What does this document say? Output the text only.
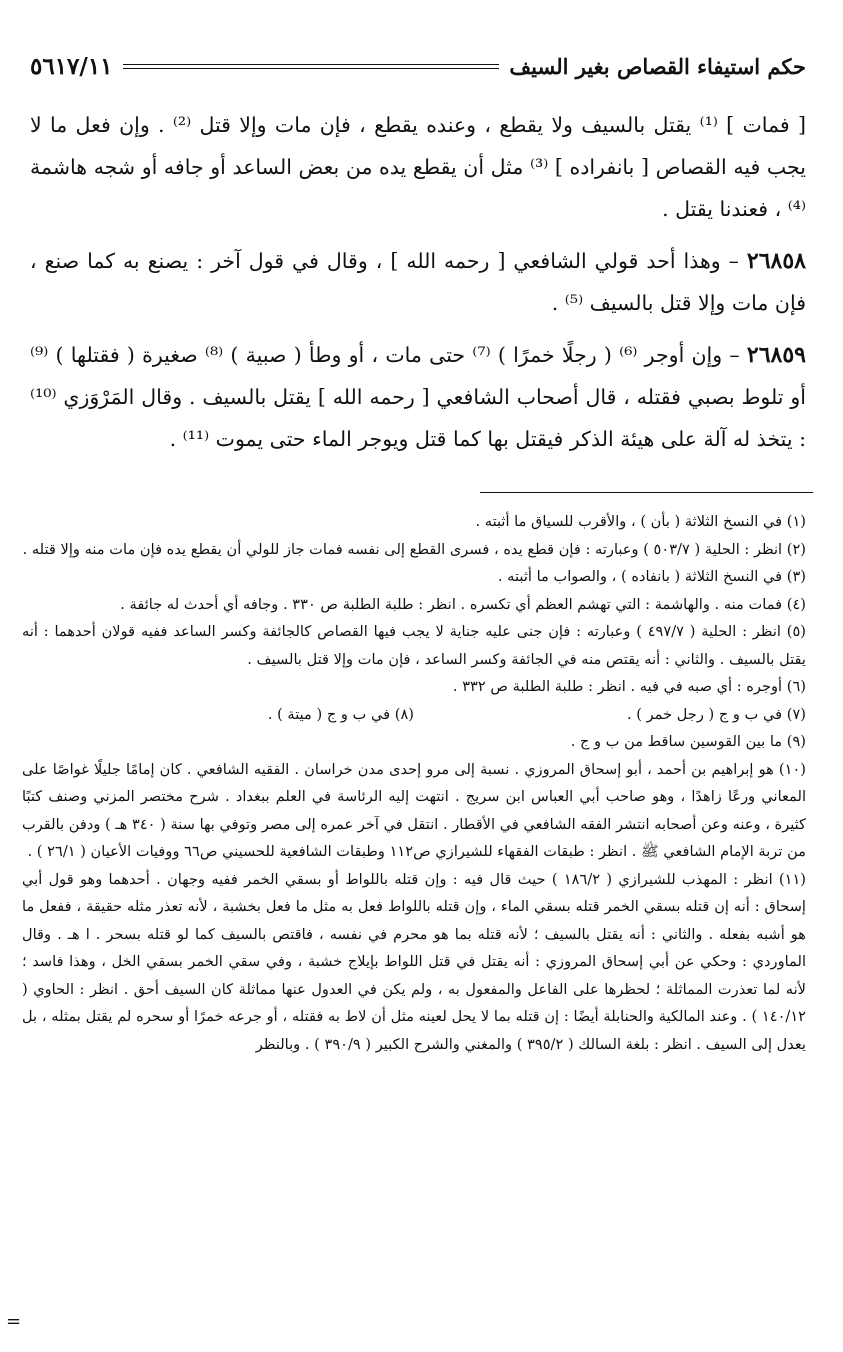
حكم استيفاء القصاص بغير السيف
٥٦١٧/١١

[ فمات ] ⁽¹⁾ يقتل بالسيف ولا يقطع ، وعنده يقطع ، فإن مات وإلا قتل ⁽²⁾ . وإن فعل ما لا يجب فيه القصاص [ بانفراده ] ⁽³⁾ مثل أن يقطع يده من بعض الساعد أو جافه أو شجه هاشمة ⁽⁴⁾ ، فعندنا يقتل .

٢٦٨٥٨ – وهذا أحد قولي الشافعي [ رحمه الله ] ، وقال في قول آخر : يصنع به كما صنع ، فإن مات وإلا قتل بالسيف ⁽⁵⁾ .

٢٦٨٥٩ – وإن أوجر ⁽⁶⁾ ( رجلًا خمرًا ) ⁽⁷⁾ حتى مات ، أو وطأ ( صبية ) ⁽⁸⁾ صغيرة ( فقتلها ) ⁽⁹⁾ أو تلوط بصبي فقتله ، قال أصحاب الشافعي [ رحمه الله ] يقتل بالسيف . وقال المَرْوَزي ⁽¹⁰⁾ : يتخذ له آلة على هيئة الذكر فيقتل بها كما قتل ويوجر الماء حتى يموت ⁽¹¹⁾ .

(١) في النسخ الثلاثة ( بأن ) ، والأقرب للسياق ما أثبته .

(٢) انظر : الحلية ( ٥٠٣/٧ ) وعبارته : فإن قطع يده ، فسرى القطع إلى نفسه فمات جاز للولي أن يقطع يده فإن مات منه وإلا قتله .

(٣) في النسخ الثلاثة ( بانفاده ) ، والصواب ما أثبته .

(٤) فمات منه . والهاشمة : التي تهشم العظم أي تكسره . انظر : طلبة الطلبة ص ٣٣٠ . وجافه أي أحدث له جائفة .

(٥) انظر : الحلية ( ٤٩٧/٧ ) وعبارته : فإن جنى عليه جناية لا يجب فيها القصاص كالجائفة وكسر الساعد ففيه قولان أحدهما : أنه يقتل بالسيف . والثاني : أنه يقتص منه في الجائفة وكسر الساعد ، فإن مات وإلا قتل بالسيف .

(٦) أوجره : أي صبه في فيه . انظر : طلبة الطلبة ص ٣٣٢ .

(٧) في ب و ج ( رجل خمر ) .
(٨) في ب و ج ( ميتة ) .

(٩) ما بين القوسين ساقط من ب و ج .

(١٠) هو إبراهيم بن أحمد ، أبو إسحاق المروزي . نسبة إلى مرو إحدى مدن خراسان . الفقيه الشافعي . كان إمامًا جليلًا غواصًا على المعاني ورعًا زاهدًا ، وهو صاحب أبي العباس ابن سريج . انتهت إليه الرئاسة في العلم ببغداد . شرح مختصر المزني وصنف كتبًا كثيرة ، وعنه وعن أصحابه انتشر الفقه الشافعي في الأقطار . انتقل في آخر عمره إلى مصر وتوفي بها سنة ( ٣٤٠ هـ ) ودفن بالقرب من تربة الإمام الشافعي ﷺ . انظر : طبقات الفقهاء للشيرازي ص١١٢ وطبقات الشافعية للحسيني ص٦٦ ووفيات الأعيان ( ٢٦/١ ) .

(١١) انظر : المهذب للشيرازي ( ١٨٦/٢ ) حيث قال فيه : وإن قتله باللواط أو بسقي الخمر ففيه وجهان . أحدهما وهو قول أبي إسحاق : أنه إن قتله بسقي الخمر قتله بسقي الماء ، وإن قتله باللواط فعل به مثل ما فعل بخشبة ، لأنه تعذر مثله حقيقة ، ففعل ما هو أشبه بفعله . والثاني : أنه يقتل بالسيف ؛ لأنه قتله بما هو محرم في نفسه ، فاقتص بالسيف كما لو قتله بسحر . ا هـ . وقال الماوردي : وحكي عن أبي إسحاق المروزي : أنه يقتل في قتل اللواط بإيلاج خشبة ، وفي سقي الخمر بسقي الخل ، وهذا فاسد ؛ لأنه لما تعذرت المماثلة ؛ لحظرها على الفاعل والمفعول به ، ولم يكن في العدول عنها مماثلة كان السيف أحق . انظر : الحاوي ( ١٤٠/١٢ ) . وعند المالكية والحنابلة أيضًا : إن قتله بما لا يحل لعينه مثل أن لاط به فقتله ، أو جرعه خمرًا أو سحره لم يقتل بمثله ، بل يعدل إلى السيف . انظر : بلغة السالك ( ٣٩٥/٢ ) والمغني والشرح الكبير ( ٣٩٠/٩ ) . وبالنظر

=
